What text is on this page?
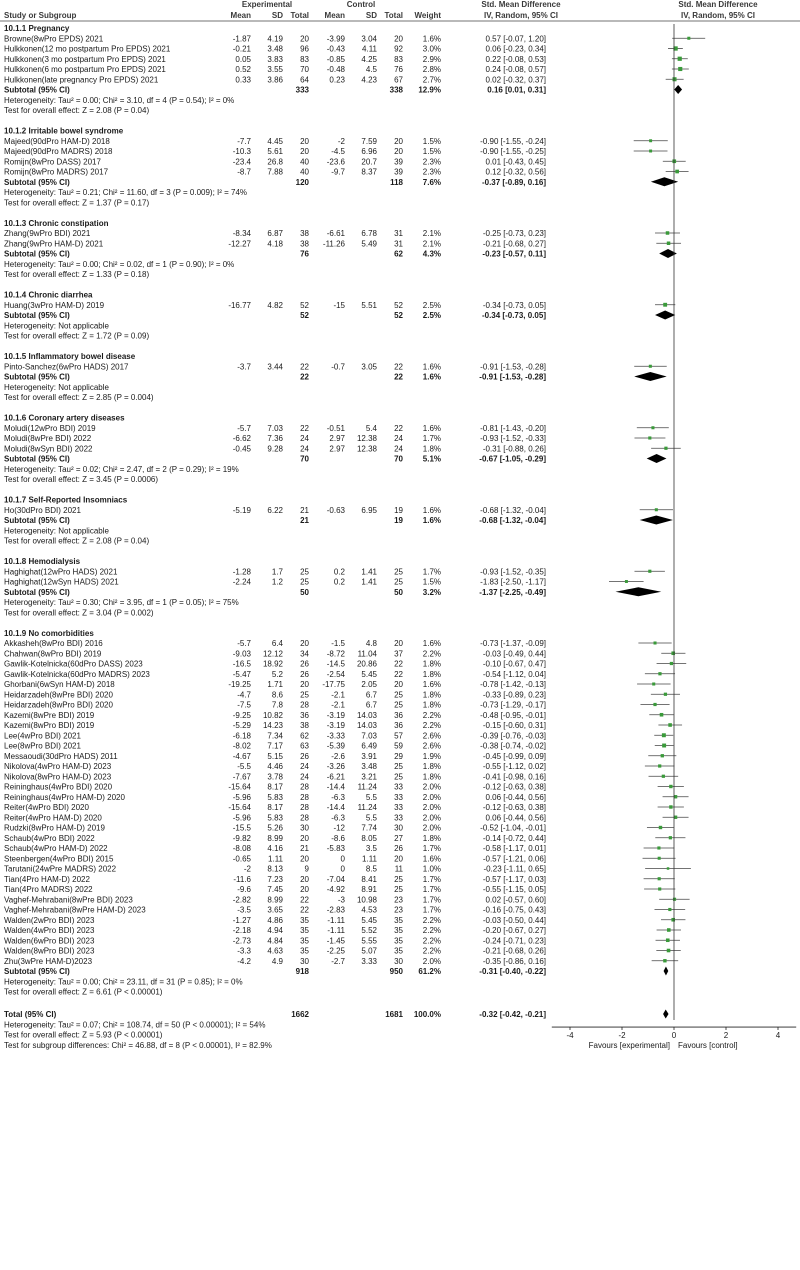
Experimental	Control	Std. Mean Difference	Std. Mean Difference
Study or Subgroup	Mean	SD Total Mean	SD Total Weight	IV, Random, 95% CI	IV, Random, 95% CI
10.1.1 Pregnancy
Browne(8wPro EPDS) 2021	-1.87 4.19 20 -3.99 3.04 20 1.6%	0.57 [-0.07, 1.20]
Hulkkonen(12 mo postpartum Pro EPDS) 2021	-0.21 3.48 96 -0.43 4.11 92 3.0%	0.06 [-0.23, 0.34]
Hulkkonen(3 mo postpartum Pro EPDS) 2021	0.05 3.83 83 -0.85 4.25 83 2.9%	0.22 [-0.08, 0.53]
Hulkkonen(6 mo postpartum Pro EPDS) 2021	0.52 3.55 70 -0.48	4.5 76 2.8%	0.24 [-0.08, 0.57]
Hulkkonen(late pregnancy Pro EPDS) 2021	0.33 3.86 64	0.23 4.23 67 2.7%	0.02 [-0.32, 0.37]
Subtotal (95% CI)	333	338 12.9%	0.16 [0.01, 0.31]
Heterogeneity: Tau² = 0.00; Chi² = 3.10, df = 4 (P = 0.54); I² = 0%
Test for overall effect: Z = 2.08 (P = 0.04)
10.1.2 Irritable bowel syndrome
Majeed(90dPro HAM-D) 2018	-7.7 4.45 20	-2 7.59 20 1.5%	-0.90 [-1.55, -0.24]
Majeed(90dPro MADRS) 2018	-10.3 5.61 20	-4.5 6.96 20 1.5%	-0.90 [-1.55, -0.25]
Romijn(8wPro DASS) 2017	-23.4 26.8 40 -23.6 20.7 39 2.3%	0.01 [-0.43, 0.45]
Romijn(8wPro MADRS) 2017	-8.7 7.88 40	-9.7 8.37 39 2.3%	0.12 [-0.32, 0.56]
Subtotal (95% CI)	120	118 7.6%	-0.37 [-0.89, 0.16]
Heterogeneity: Tau² = 0.21; Chi² = 11.60, df = 3 (P = 0.009); I² = 74%
Test for overall effect: Z = 1.37 (P = 0.17)
10.1.3 Chronic constipation
Zhang(9wPro BDI) 2021	-8.34 6.87 38 -6.61 6.78 31 2.1%	-0.25 [-0.73, 0.23]
Zhang(9wPro HAM-D) 2021	-12.27 4.18 38 -11.26 5.49 31 2.1%	-0.21 [-0.68, 0.27]
Subtotal (95% CI)	76	62 4.3%	-0.23 [-0.57, 0.11]
Heterogeneity: Tau² = 0.00; Chi² = 0.02, df = 1 (P = 0.90); I² = 0%
Test for overall effect: Z = 1.33 (P = 0.18)
10.1.4 Chronic diarrhea
Huang(3wPro HAM-D) 2019	-16.77 4.82 52	-15 5.51 52 2.5%	-0.34 [-0.73, 0.05]
Subtotal (95% CI)	52	52 2.5%	-0.34 [-0.73, 0.05]
Heterogeneity: Not applicable
Test for overall effect: Z = 1.72 (P = 0.09)
10.1.5 Inflammatory bowel disease
Pinto-Sanchez(6wPro HADS) 2017	-3.7 3.44 22	-0.7 3.05 22 1.6%	-0.91 [-1.53, -0.28]
Subtotal (95% CI)	22	22 1.6%	-0.91 [-1.53, -0.28]
Heterogeneity: Not applicable
Test for overall effect: Z = 2.85 (P = 0.004)
10.1.6 Coronary artery diseases
Moludi(12wPro BDI) 2019	-5.7 7.03 22 -0.51	5.4 22 1.6%	-0.81 [-1.43, -0.20]
Moludi(8wPre BDI) 2022	-6.62 7.36 24	2.97 12.38 24 1.7%	-0.93 [-1.52, -0.33]
Moludi(8wSyn BDI) 2022	-0.45 9.28 24	2.97 12.38 24 1.8%	-0.31 [-0.88, 0.26]
Subtotal (95% CI)	70	70 5.1%	-0.67 [-1.05, -0.29]
Heterogeneity: Tau² = 0.02; Chi² = 2.47, df = 2 (P = 0.29); I² = 19%
Test for overall effect: Z = 3.45 (P = 0.0006)
10.1.7 Self-Reported Insomniacs
Ho(30dPro BDI) 2021	-5.19 6.22 21 -0.63 6.95 19 1.6%	-0.68 [-1.32, -0.04]
Subtotal (95% CI)	21	19 1.6%	-0.68 [-1.32, -0.04]
Heterogeneity: Not applicable
Test for overall effect: Z = 2.08 (P = 0.04)
10.1.8 Hemodialysis
Haghighat(12wPro HADS) 2021	-1.28	1.7 25	0.2 1.41 25 1.7%	-0.93 [-1.52, -0.35]
Haghighat(12wSyn HADS) 2021	-2.24	1.2 25	0.2 1.41 25 1.5%	-1.83 [-2.50, -1.17]
Subtotal (95% CI)	50	50 3.2%	-1.37 [-2.25, -0.49]
Heterogeneity: Tau² = 0.30; Chi² = 3.95, df = 1 (P = 0.05); I² = 75%
Test for overall effect: Z = 3.04 (P = 0.002)
10.1.9 No comorbidities
Akkasheh(8wPro BDI) 2016	-5.7	6.4 20	-1.5	4.8 20 1.6%	-0.73 [-1.37, -0.09]
Chahwan(8wPro BDI) 2019	-9.03 12.12 34 -8.72 11.04 37 2.2%	-0.03 [-0.49, 0.44]
Gawlik-Kotelnicka(60dPro DASS) 2023	-16.5 18.92 26 -14.5 20.86 22 1.8%	-0.10 [-0.67, 0.47]
Gawlik-Kotelnicka(60dPro MADRS) 2023	-5.47	5.2 26 -2.54 5.45 22 1.8%	-0.54 [-1.12, 0.04]
Ghorbani(6wSyn HAM-D) 2018	-19.25 1.71 20 -17.75 2.05 20 1.6%	-0.78 [-1.42, -0.13]
Heidarzadeh(8wPre BDI) 2020	-4.7	8.6 25	-2.1	6.7 25 1.8%	-0.33 [-0.89, 0.23]
Heidarzadeh(8wPro BDI) 2020	-7.5	7.8 28	-2.1	6.7 25 1.8%	-0.73 [-1.29, -0.17]
Kazemi(8wPre BDI) 2019	-9.25 10.82 36 -3.19 14.03 36 2.2%	-0.48 [-0.95, -0.01]
Kazemi(8wPro BDI) 2019	-5.29 14.23 38 -3.19 14.03 36 2.2%	-0.15 [-0.60, 0.31]
Lee(4wPro BDI) 2021	-6.18 7.34 62 -3.33 7.03 57 2.6%	-0.39 [-0.76, -0.03]
Lee(8wPro BDI) 2021	-8.02 7.17 63 -5.39 6.49 59 2.6%	-0.38 [-0.74, -0.02]
Messaoudi(30dPro HADS) 2011	-4.67 5.15 26	-2.6 3.91 29 1.9%	-0.45 [-0.99, 0.09]
Nikolova(4wPro HAM-D) 2023	-5.5 4.46 24 -3.26 3.48 25 1.8%	-0.55 [-1.12, 0.02]
Nikolova(8wPro HAM-D) 2023	-7.67 3.78 24 -6.21 3.21 25 1.8%	-0.41 [-0.98, 0.16]
Reininghaus(4wPro BDI) 2020	-15.64 8.17 28 -14.4 11.24 33 2.0%	-0.12 [-0.63, 0.38]
Reininghaus(4wPro HAM-D) 2020	-5.96 5.83 28	-6.3	5.5 33 2.0%	0.06 [-0.44, 0.56]
Reiter(4wPro BDI) 2020	-15.64 8.17 28 -14.4 11.24 33 2.0%	-0.12 [-0.63, 0.38]
Reiter(4wPro HAM-D) 2020	-5.96 5.83 28	-6.3	5.5 33 2.0%	0.06 [-0.44, 0.56]
Rudzki(8wPro HAM-D) 2019	-15.5 5.26 30	-12 7.74 30 2.0%	-0.52 [-1.04, -0.01]
Schaub(4wPro BDI) 2022	-9.82 8.99 20	-8.6 8.05 27 1.8%	-0.14 [-0.72, 0.44]
Schaub(4wPro HAM-D) 2022	-8.08 4.16 21 -5.83	3.5 26 1.7%	-0.58 [-1.17, 0.01]
Steenbergen(4wPro BDI) 2015	-0.65 1.11 20	0 1.11 20 1.6%	-0.57 [-1.21, 0.06]
Tarutani(24wPre MADRS) 2022	-2 8.13	9	0	8.5 11 1.0%	-0.23 [-1.11, 0.65]
Tian(4Pro HAM-D) 2022	-11.6 7.23 20 -7.04 8.41 25 1.7%	-0.57 [-1.17, 0.03]
Tian(4Pro MADRS) 2022	-9.6 7.45 20 -4.92 8.91 25 1.7%	-0.55 [-1.15, 0.05]
Vaghef-Mehrabani(8wPre BDI) 2023	-2.82 8.99 22	-3 10.98 23 1.7%	0.02 [-0.57, 0.60]
Vaghef-Mehrabani(8wPre HAM-D) 2023	-3.5 3.65 22 -2.83 4.53 23 1.7%	-0.16 [-0.75, 0.43]
Walden(2wPro BDI) 2023	-1.27 4.86 35 -1.11 5.45 35 2.2%	-0.03 [-0.50, 0.44]
Walden(4wPro BDI) 2023	-2.18 4.94 35 -1.11 5.52 35 2.2%	-0.20 [-0.67, 0.27]
Walden(6wPro BDI) 2023	-2.73 4.84 35 -1.45 5.55 35 2.2%	-0.24 [-0.71, 0.23]
Walden(8wPro BDI) 2023	-3.3 4.63 35 -2.25 5.07 35 2.2%	-0.21 [-0.68, 0.26]
Zhu(3wPre HAM-D)2023	-4.2	4.9 30	-2.7 3.33 30 2.0%	-0.35 [-0.86, 0.16]
Subtotal (95% CI)	918	950 61.2%	-0.31 [-0.40, -0.22]
Heterogeneity: Tau² = 0.00; Chi² = 23.11, df = 31 (P = 0.85); I² = 0%
Test for overall effect: Z = 6.61 (P < 0.00001)
Total (95% CI)	1662	1681 100.0%	-0.32 [-0.42, -0.21]
-4	-2	0	2	4
Favours [experimental] Favours [control]
Heterogeneity: Tau² = 0.07; Chi² = 108.74, df = 50 (P < 0.00001); I² = 54%
Test for overall effect: Z = 5.93 (P < 0.00001)
Test for subgroup differences: Chi² = 46.88, df = 8 (P < 0.00001), I² = 82.9%
